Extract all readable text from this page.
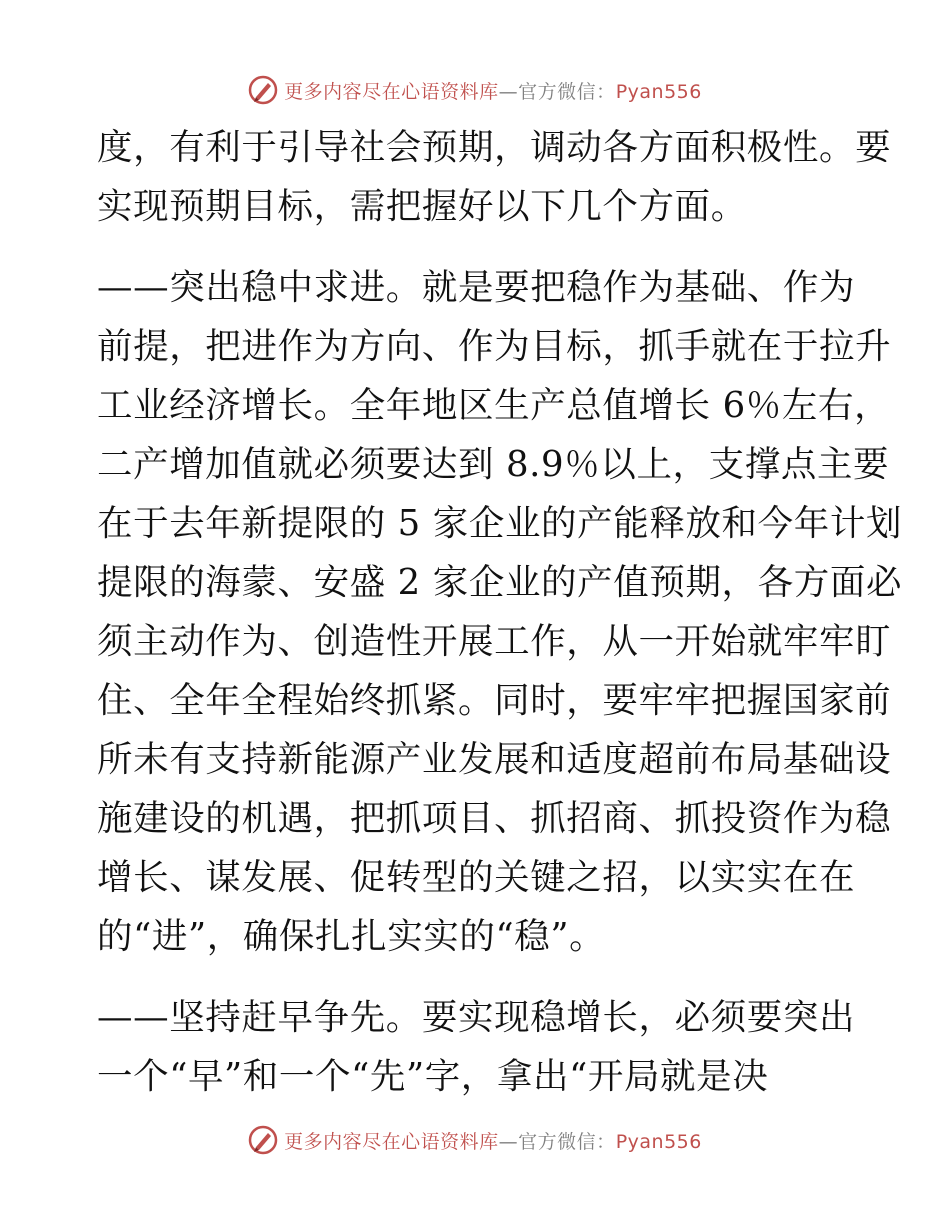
更多内容尽在心语资料库—官方微信：Pyan556
度，有利于引导社会预期，调动各方面积极性。要
实现预期目标，需把握好以下几个方面。
——突出稳中求进。就是要把稳作为基础、作为
前提，把进作为方向、作为目标，抓手就在于拉升
工业经济增长。全年地区生产总值增长 6％左右，
二产增加值就必须要达到 8.9％以上，支撑点主要
在于去年新提限的 5 家企业的产能释放和今年计划
提限的海蒙、安盛 2 家企业的产值预期，各方面必
须主动作为、创造性开展工作，从一开始就牢牢盯
住、全年全程始终抓紧。同时，要牢牢把握国家前
所未有支持新能源产业发展和适度超前布局基础设
施建设的机遇，把抓项目、抓招商、抓投资作为稳
增长、谋发展、促转型的关键之招，以实实在在
的“进”，确保扎扎实实的“稳”。
——坚持赶早争先。要实现稳增长，必须要突出
一个“早”和一个“先”字，拿出“开局就是决
更多内容尽在心语资料库—官方微信：Pyan556
